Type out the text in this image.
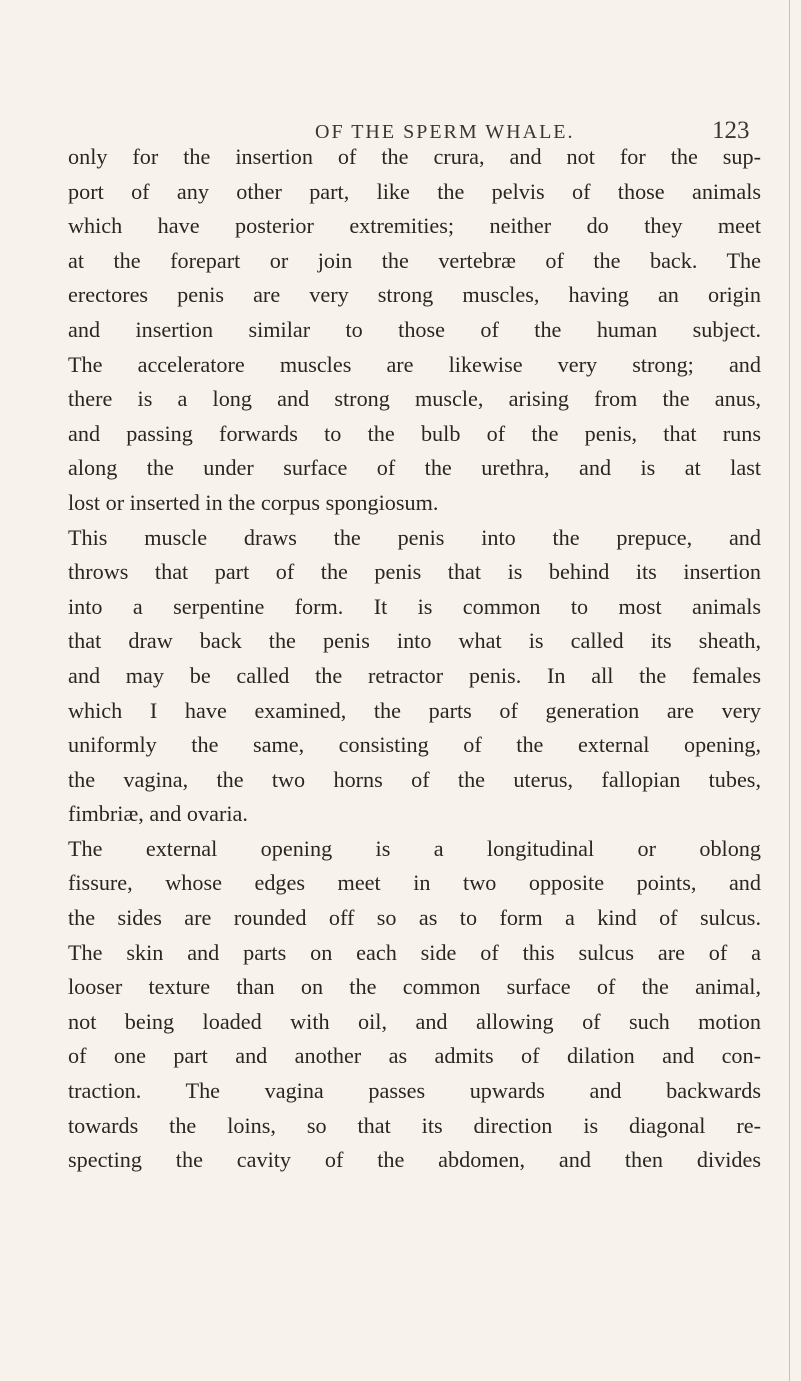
OF THE SPERM WHALE.	123
only for the insertion of the crura, and not for the sup-
port of any other part, like the pelvis of those animals
which have posterior extremities; neither do they meet
at the forepart or join the vertebræ of the back. The
erectores penis are very strong muscles, having an origin
and insertion similar to those of the human subject.
The acceleratore muscles are likewise very strong; and
there is a long and strong muscle, arising from the anus,
and passing forwards to the bulb of the penis, that runs
along the under surface of the urethra, and is at last
lost or inserted in the corpus spongiosum.
This muscle draws the penis into the prepuce, and
throws that part of the penis that is behind its insertion
into a serpentine form. It is common to most animals
that draw back the penis into what is called its sheath,
and may be called the retractor penis. In all the females
which I have examined, the parts of generation are very
uniformly the same, consisting of the external opening,
the vagina, the two horns of the uterus, fallopian tubes,
fimbriæ, and ovaria.
The external opening is a longitudinal or oblong
fissure, whose edges meet in two opposite points, and
the sides are rounded off so as to form a kind of sulcus.
The skin and parts on each side of this sulcus are of a
looser texture than on the common surface of the animal,
not being loaded with oil, and allowing of such motion
of one part and another as admits of dilation and con-
traction. The vagina passes upwards and backwards
towards the loins, so that its direction is diagonal re-
specting the cavity of the abdomen, and then divides
